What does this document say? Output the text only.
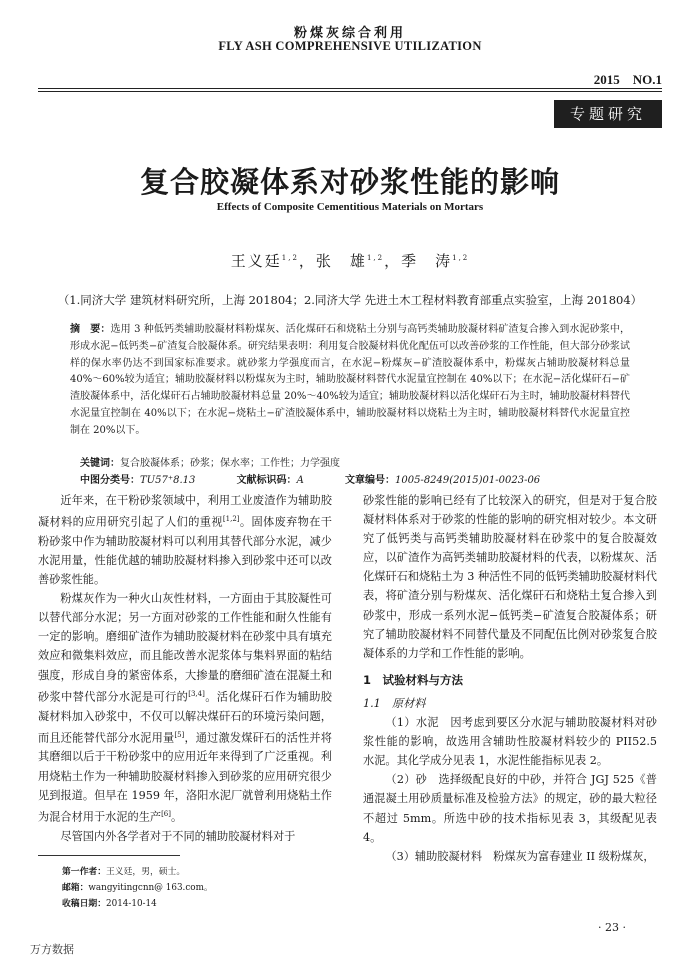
粉煤灰综合利用
FLY ASH COMPREHENSIVE UTILIZATION
2015　NO.1
专题研究
复合胶凝体系对砂浆性能的影响
Effects of Composite Cementitious Materials on Mortars
王义廷$^{1,2}$，张　雄$^{1,2}$，季　涛$^{1,2}$
（1.同济大学 建筑材料研究所，上海 201804；2.同济大学 先进土木工程材料教育部重点实验室，上海 201804）
摘　要：选用 3 种低钙类辅助胶凝材料粉煤灰、活化煤矸石和烧粘土分别与高钙类辅助胶凝材料矿渣复合掺入到水泥砂浆中，形成水泥−低钙类−矿渣复合胶凝体系。研究结果表明：利用复合胶凝材料优化配伍可以改善砂浆的工作性能，但大部分砂浆试样的保水率仍达不到国家标准要求。就砂浆力学强度而言，在水泥−粉煤灰−矿渣胶凝体系中，粉煤灰占辅助胶凝材料总量 40%～60%较为适宜；辅助胶凝材料以粉煤灰为主时，辅助胶凝材料替代水泥量宜控制在 40%以下；在水泥−活化煤矸石−矿渣胶凝体系中，活化煤矸石占辅助胶凝材料总量 20%～40%较为适宜；辅助胶凝材料以活化煤矸石为主时，辅助胶凝材料替代水泥量宜控制在 40%以下；在水泥−烧粘土−矿渣胶凝体系中，辅助胶凝材料以烧粘土为主时，辅助胶凝材料替代水泥量宜控制在 20%以下。
关键词：复合胶凝体系；砂浆；保水率；工作性；力学强度
中图分类号：TU57⁺8.13	文献标识码：A	文章编号：1005-8249(2015)01-0023-06

近年来，在干粉砂浆领域中，利用工业废渣作为辅助胶凝材料的应用研究引起了人们的重视[1,2]。固体废弃物在干粉砂浆中作为辅助胶凝材料可以利用其替代部分水泥，减少水泥用量，性能优越的辅助胶凝材料掺入到砂浆中还可以改善砂浆性能。

粉煤灰作为一种火山灰性材料，一方面由于其胶凝性可以替代部分水泥；另一方面对砂浆的工作性能和耐久性能有一定的影响。磨细矿渣作为辅助胶凝材料在砂浆中具有填充效应和微集料效应，而且能改善水泥浆体与集料界面的粘结强度，形成自身的紧密体系，大掺量的磨细矿渣在混凝土和砂浆中替代部分水泥是可行的[3,4]。活化煤矸石作为辅助胶凝材料加入砂浆中，不仅可以解决煤矸石的环境污染问题，而且还能替代部分水泥用量[5]，通过激发煤矸石的活性并将其磨细以后于干粉砂浆中的应用近年来得到了广泛重视。利用烧粘土作为一种辅助胶凝材料掺入到砂浆的应用研究很少见到报道。但早在 1959 年，洛阳水泥厂就曾利用烧粘土作为混合材用于水泥的生产[6]。

尽管国内外各学者对于不同的辅助胶凝材料对于

砂浆性能的影响已经有了比较深入的研究，但是对于复合胶凝材料体系对于砂浆的性能的影响的研究相对较少。本文研究了低钙类与高钙类辅助胶凝材料在砂浆中的复合胶凝效应，以矿渣作为高钙类辅助胶凝材料的代表，以粉煤灰、活化煤矸石和烧粘土为 3 种活性不同的低钙类辅助胶凝材料代表，将矿渣分别与粉煤灰、活化煤矸石和烧粘土复合掺入到砂浆中，形成一系列水泥−低钙类−矿渣复合胶凝体系；研究了辅助胶凝材料不同替代量及不同配伍比例对砂浆复合胶凝体系的力学和工作性能的影响。

1　试验材料与方法
1.1　原材料

（1）水泥　因考虑到要区分水泥与辅助胶凝材料对砂浆性能的影响，故选用含辅助性胶凝材料较少的 PII52.5 水泥。其化学成分见表 1，水泥性能指标见表 2。

（2）砂　选择级配良好的中砂，并符合 JGJ 525《普通混凝土用砂质量标准及检验方法》的规定，砂的最大粒径不超过 5mm。所选中砂的技术指标见表 3，其级配见表 4。

（3）辅助胶凝材料　粉煤灰为富春建业 II 级粉煤灰，

第一作者：王义廷，男，硕士。
邮箱：wangyitingcnn@ 163.com。
收稿日期：2014-10-14
· 23 ·
万方数据
